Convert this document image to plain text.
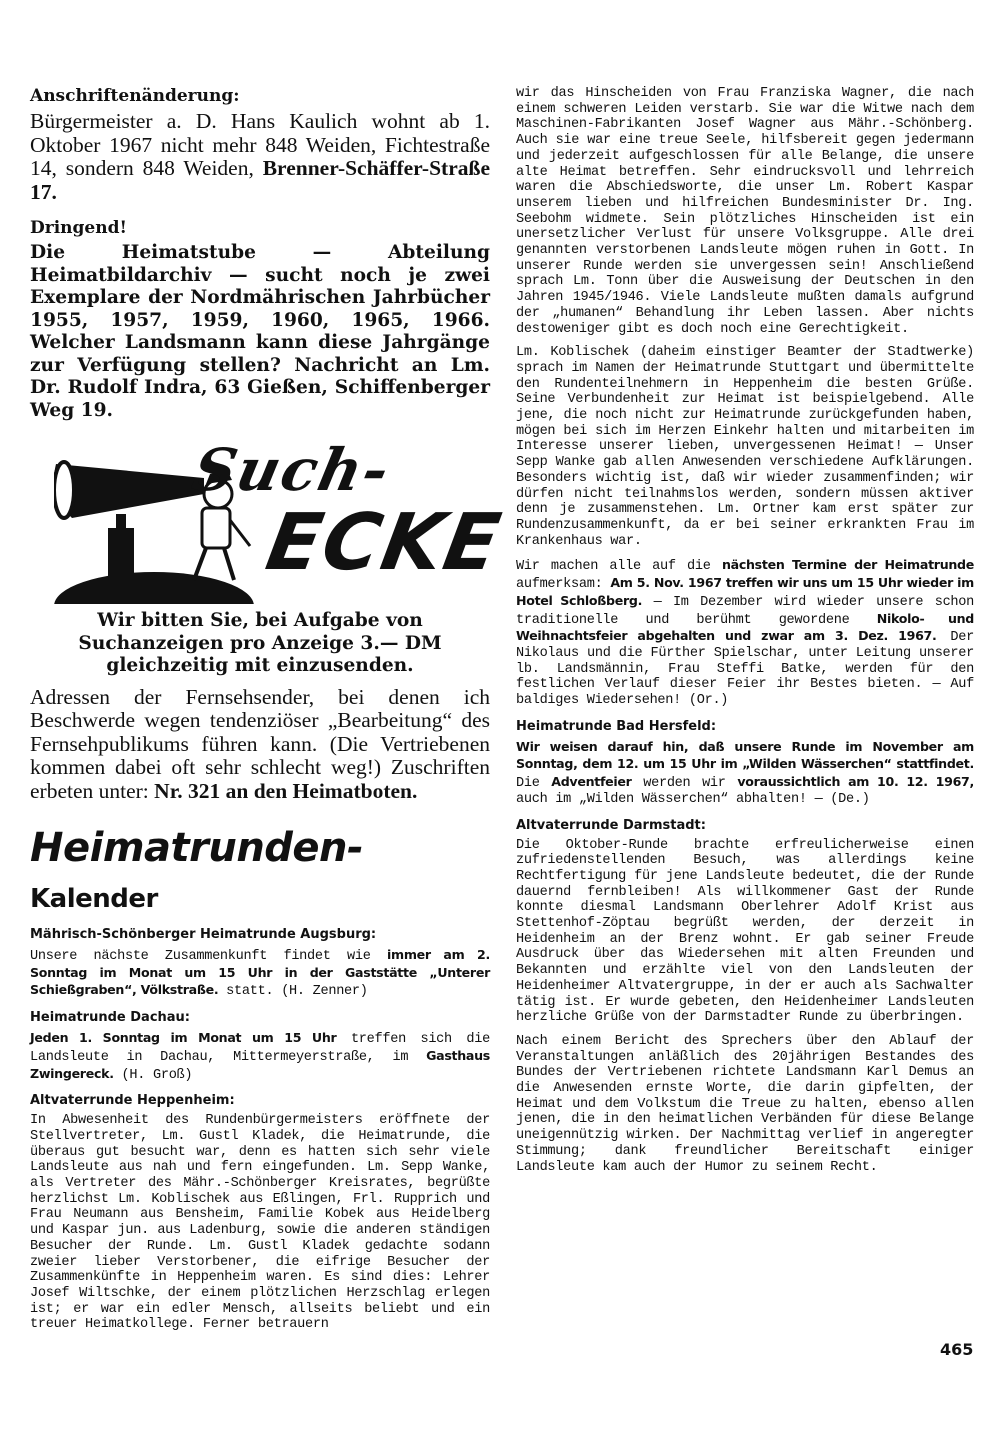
Anschriftenänderung:

Bürgermeister a. D. Hans Kaulich wohnt ab 1. Oktober 1967 nicht mehr 848 Weiden, Fichtestraße 14, sondern 848 Weiden, Brenner-Schäffer-Straße 17.

Dringend!

Die Heimatstube — Abteilung Heimatbildarchiv — sucht noch je zwei Exemplare der Nordmährischen Jahrbücher 1955, 1957, 1959, 1960, 1965, 1966. Welcher Landsmann kann diese Jahrgänge zur Verfügung stellen? Nachricht an Lm. Dr. Rudolf Indra, 63 Gießen, Schiffenberger Weg 19.

Such-
ECKE

Wir bitten Sie, bei Aufgabe von Suchanzeigen pro Anzeige 3.— DM gleichzeitig mit einzusenden.

Adressen der Fernsehsender, bei denen ich Beschwerde wegen tendenziöser „Bearbeitung“ des Fernsehpublikums führen kann. (Die Vertriebenen kommen dabei oft sehr schlecht weg!) Zuschriften erbeten unter: Nr. 321 an den Heimatboten.

Heimatrunden-Kalender
Mährisch-Schönberger Heimatrunde Augsburg:

Unsere nächste Zusammenkunft findet wie immer am 2. Sonntag im Monat um 15 Uhr in der Gaststätte „Unterer Schießgraben“, Völkstraße. statt. (H. Zenner)

Heimatrunde Dachau:

Jeden 1. Sonntag im Monat um 15 Uhr treffen sich die Landsleute in Dachau, Mittermeyerstraße, im Gasthaus Zwingereck. (H. Groß)

Altvaterrunde Heppenheim:

In Abwesenheit des Rundenbürgermeisters eröffnete der Stellvertreter, Lm. Gustl Kladek, die Heimatrunde, die überaus gut besucht war, denn es hatten sich sehr viele Landsleute aus nah und fern eingefunden. Lm. Sepp Wanke, als Vertreter des Mähr.-Schönberger Kreisrates, begrüßte herzlichst Lm. Koblischek aus Eßlingen, Frl. Rupprich und Frau Neumann aus Bensheim, Familie Kobek aus Heidelberg und Kaspar jun. aus Ladenburg, sowie die anderen ständigen Besucher der Runde. Lm. Gustl Kladek gedachte sodann zweier lieber Verstorbener, die eifrige Besucher der Zusammenkünfte in Heppenheim waren. Es sind dies: Lehrer Josef Wiltschke, der einem plötzlichen Herzschlag erlegen ist; er war ein edler Mensch, allseits beliebt und ein treuer Heimatkollege. Ferner betrauern

wir das Hinscheiden von Frau Franziska Wagner, die nach einem schweren Leiden verstarb. Sie war die Witwe nach dem Maschinen-Fabrikanten Josef Wagner aus Mähr.-Schönberg. Auch sie war eine treue Seele, hilfsbereit gegen jedermann und jederzeit aufgeschlossen für alle Belange, die unsere alte Heimat betreffen. Sehr eindrucksvoll und lehrreich waren die Abschiedsworte, die unser Lm. Robert Kaspar unserem lieben und hilfreichen Bundesminister Dr. Ing. Seebohm widmete. Sein plötzliches Hinscheiden ist ein unersetzlicher Verlust für unsere Volksgruppe. Alle drei genannten verstorbenen Landsleute mögen ruhen in Gott. In unserer Runde werden sie unvergessen sein! Anschließend sprach Lm. Tonn über die Ausweisung der Deutschen in den Jahren 1945/1946. Viele Landsleute mußten damals aufgrund der „humanen“ Behandlung ihr Leben lassen. Aber nichts destoweniger gibt es doch noch eine Gerechtigkeit.

Lm. Koblischek (daheim einstiger Beamter der Stadtwerke) sprach im Namen der Heimatrunde Stuttgart und übermittelte den Rundenteilnehmern in Heppenheim die besten Grüße. Seine Verbundenheit zur Heimat ist beispielgebend. Alle jene, die noch nicht zur Heimatrunde zurückgefunden haben, mögen bei sich im Herzen Einkehr halten und mitarbeiten im Interesse unserer lieben, unvergessenen Heimat! — Unser Sepp Wanke gab allen Anwesenden verschiedene Aufklärungen. Besonders wichtig ist, daß wir wieder zusammenfinden; wir dürfen nicht teilnahmslos werden, sondern müssen aktiver denn je zusammenstehen. Lm. Ortner kam erst später zur Rundenzusammenkunft, da er bei seiner erkrankten Frau im Krankenhaus war.

Wir machen alle auf die nächsten Termine der Heimatrunde aufmerksam: Am 5. Nov. 1967 treffen wir uns um 15 Uhr wieder im Hotel Schloßberg. — Im Dezember wird wieder unsere schon traditionelle und berühmt gewordene Nikolo- und Weihnachtsfeier abgehalten und zwar am 3. Dez. 1967. Der Nikolaus und die Fürther Spielschar, unter Leitung unserer lb. Landsmännin, Frau Steffi Batke, werden für den festlichen Verlauf dieser Feier ihr Bestes bieten. — Auf baldiges Wiedersehen! (Or.)

Heimatrunde Bad Hersfeld:

Wir weisen darauf hin, daß unsere Runde im November am Sonntag, dem 12. um 15 Uhr im „Wilden Wässerchen“ stattfindet. Die Adventfeier werden wir voraussichtlich am 10. 12. 1967, auch im „Wilden Wässerchen“ abhalten! — (De.)

Altvaterrunde Darmstadt:

Die Oktober-Runde brachte erfreulicherweise einen zufriedenstellenden Besuch, was allerdings keine Rechtfertigung für jene Landsleute bedeutet, die der Runde dauernd fernbleiben! Als willkommener Gast der Runde konnte diesmal Landsmann Oberlehrer Adolf Krist aus Stettenhof-Zöptau begrüßt werden, der derzeit in Heidenheim an der Brenz wohnt. Er gab seiner Freude Ausdruck über das Wiedersehen mit alten Freunden und Bekannten und erzählte viel von den Landsleuten der Heidenheimer Altvatergruppe, in der er auch als Sachwalter tätig ist. Er wurde gebeten, den Heidenheimer Landsleuten herzliche Grüße von der Darmstadter Runde zu überbringen.

Nach einem Bericht des Sprechers über den Ablauf der Veranstaltungen anläßlich des 20jährigen Bestandes des Bundes der Vertriebenen richtete Landsmann Karl Demus an die Anwesenden ernste Worte, die darin gipfelten, der Heimat und dem Volkstum die Treue zu halten, ebenso allen jenen, die in den heimatlichen Verbänden für diese Belange uneigennützig wirken. Der Nachmittag verlief in angeregter Stimmung; dank freundlicher Bereitschaft einiger Landsleute kam auch der Humor zu seinem Recht.

465
